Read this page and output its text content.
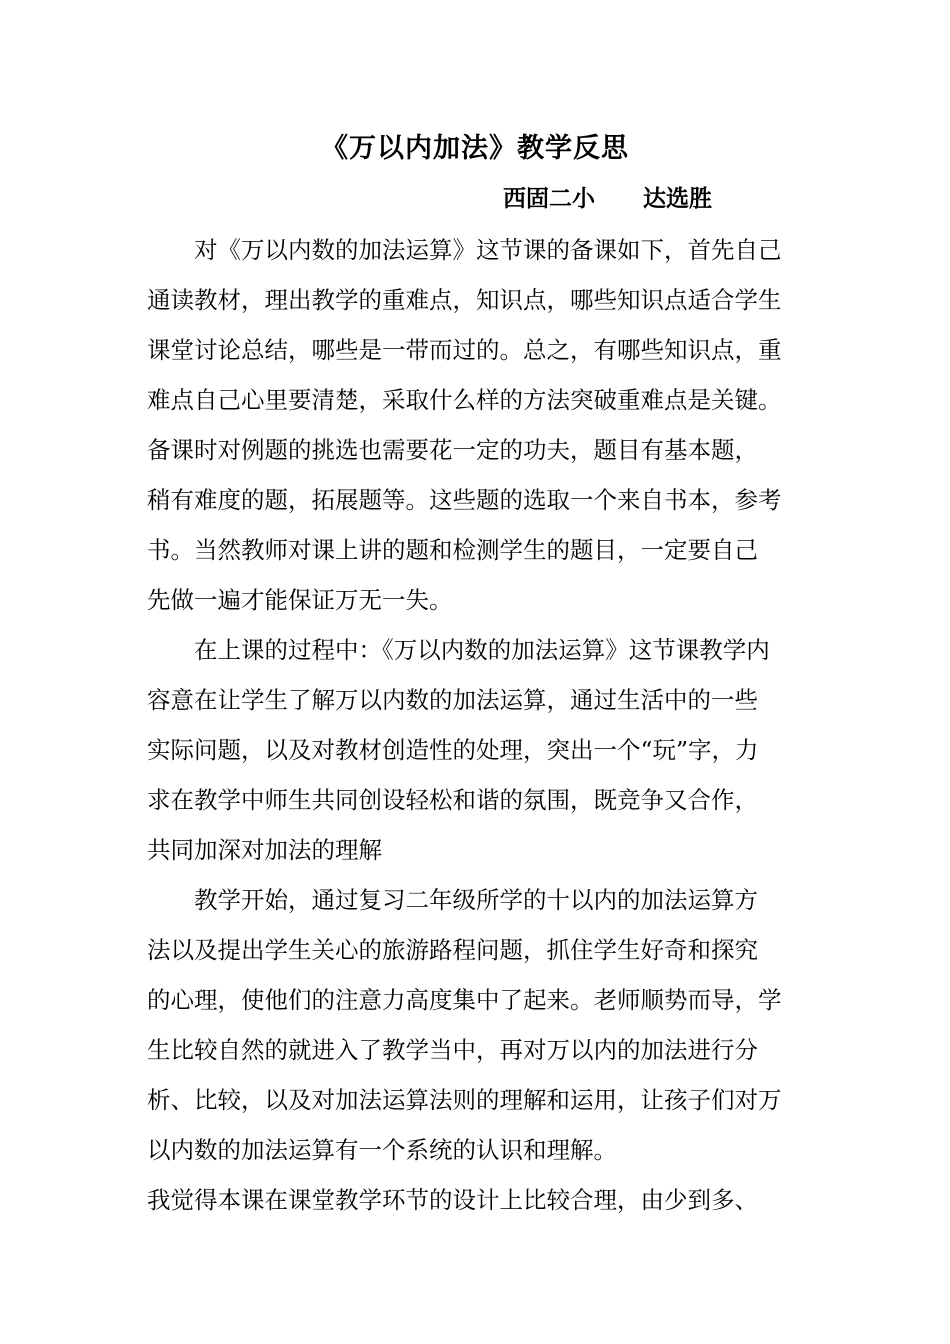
《万以内加法》教学反思
西固二小 达选胜

　　对《万以内数的加法运算》这节课的备课如下，首先自己

通读教材，理出教学的重难点，知识点，哪些知识点适合学生

课堂讨论总结，哪些是一带而过的。总之，有哪些知识点，重

难点自己心里要清楚，采取什么样的方法突破重难点是关键。

备课时对例题的挑选也需要花一定的功夫，题目有基本题，

稍有难度的题，拓展题等。这些题的选取一个来自书本，参考

书。当然教师对课上讲的题和检测学生的题目，一定要自己

先做一遍才能保证万无一失。

　　在上课的过程中：《万以内数的加法运算》这节课教学内

容意在让学生了解万以内数的加法运算，通过生活中的一些

实际问题，以及对教材创造性的处理，突出一个“玩”字，力

求在教学中师生共同创设轻松和谐的氛围，既竞争又合作，

共同加深对加法的理解

　　教学开始，通过复习二年级所学的十以内的加法运算方

法以及提出学生关心的旅游路程问题，抓住学生好奇和探究

的心理，使他们的注意力高度集中了起来。老师顺势而导，学

生比较自然的就进入了教学当中，再对万以内的加法进行分

析、比较，以及对加法运算法则的理解和运用，让孩子们对万

以内数的加法运算有一个系统的认识和理解。

我觉得本课在课堂教学环节的设计上比较合理，由少到多、
